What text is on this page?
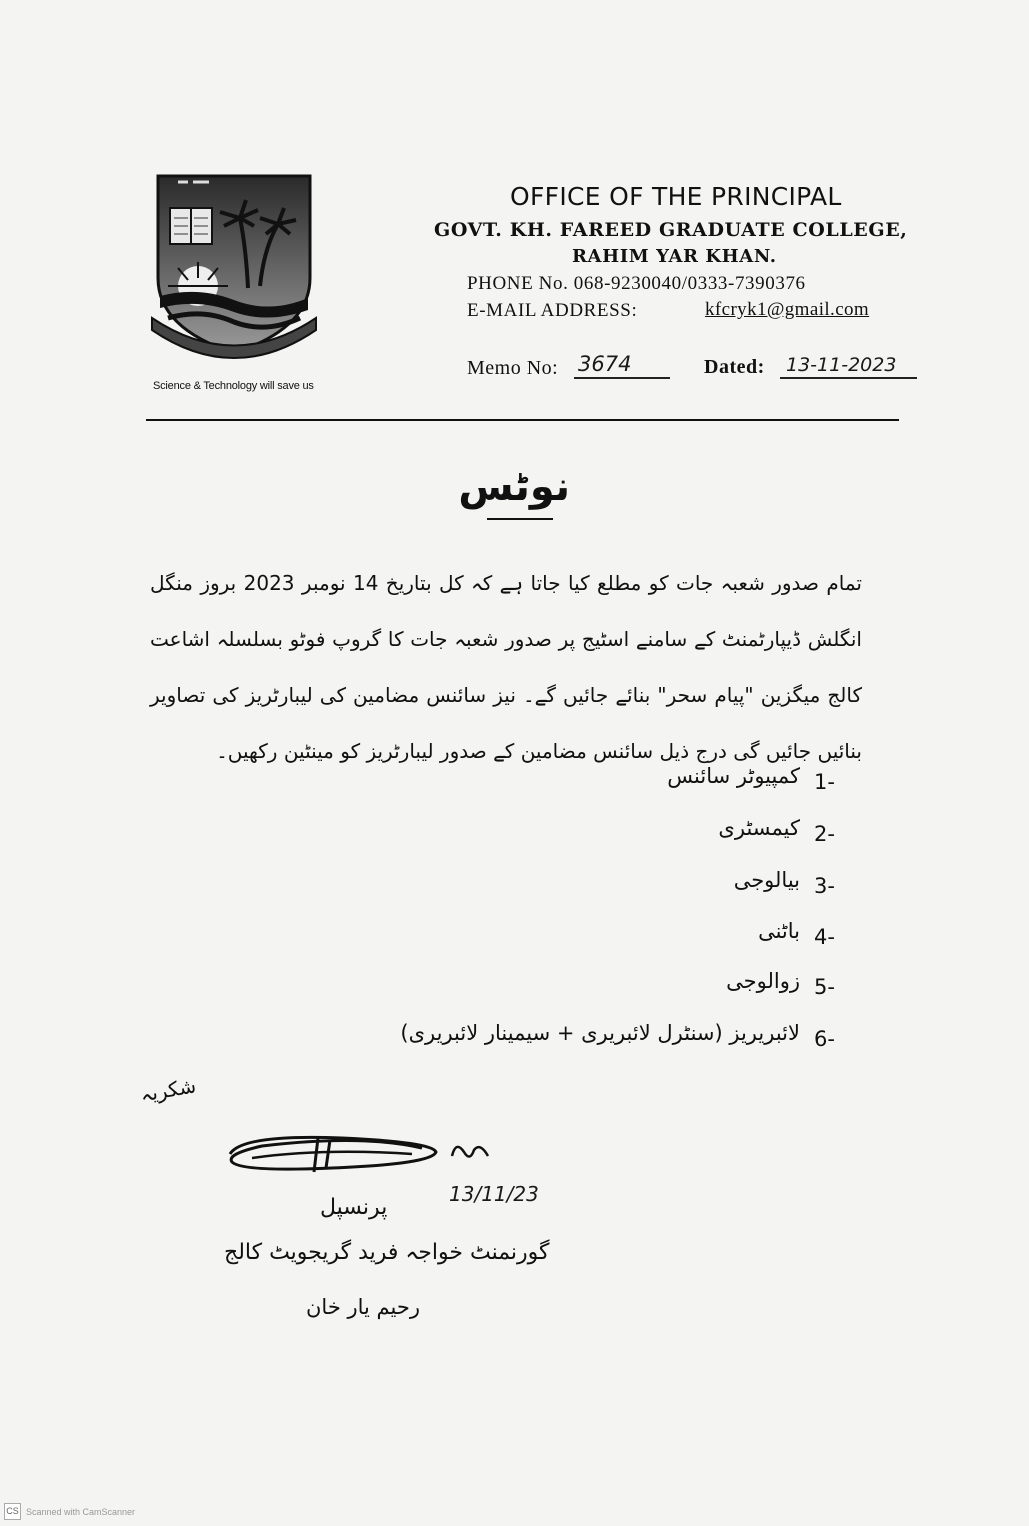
Science & Technology will save us
OFFICE OF THE PRINCIPAL
GOVT. KH. FAREED GRADUATE COLLEGE,
RAHIM YAR KHAN.
PHONE No. 068-9230040/0333-7390376
E-MAIL ADDRESS:	kfcryk1@gmail.com
Memo No: 3674	Dated: 13-11-2023
نوٹس
تمام صدور شعبہ جات کو مطلع کیا جاتا ہے کہ کل بتاریخ 14 نومبر 2023 بروز منگل انگلش ڈیپارٹمنٹ کے سامنے اسٹیج پر صدور شعبہ جات کا گروپ فوٹو بسلسلہ اشاعت کالج میگزین "پیام سحر" بنائے جائیں گے۔ نیز سائنس مضامین کی لیبارٹریز کی تصاویر بنائیں جائیں گی درج ذیل سائنس مضامین کے صدور لیبارٹریز کو مینٹین رکھیں۔
1-
کمپیوٹر سائنس
2-
کیمسٹری
3-
بیالوجی
4-
باٹنی
5-
زوالوجی
6-
لائبریریز (سنٹرل لائبریری + سیمینار لائبریری)
شکریہ
13/11/23
پرنسپل
گورنمنٹ خواجہ فرید گریجویٹ کالج
رحیم یار خان
CS Scanned with CamScanner
